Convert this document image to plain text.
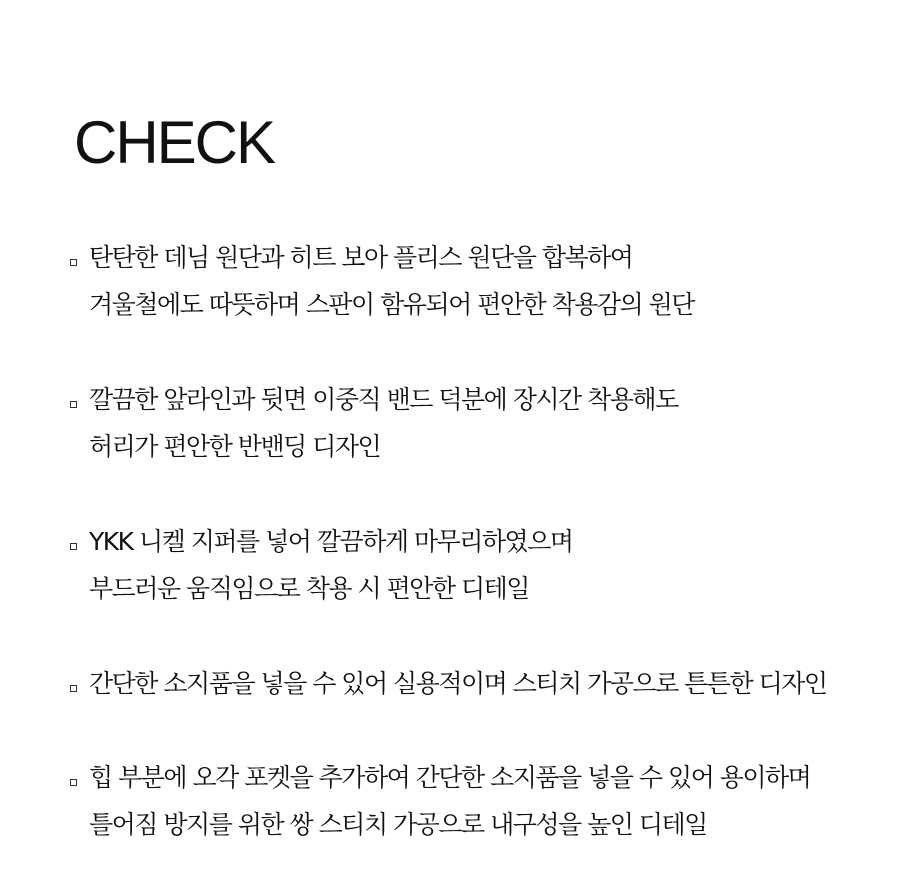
CHECK
탄탄한 데님 원단과 히트 보아 플리스 원단을 합복하여
겨울철에도 따뜻하며 스판이 함유되어 편안한 착용감의 원단
깔끔한 앞라인과 뒷면 이중직 밴드 덕분에 장시간 착용해도
허리가 편안한 반밴딩 디자인
YKK 니켈 지퍼를 넣어 깔끔하게 마무리하였으며
부드러운 움직임으로 착용 시 편안한 디테일
간단한 소지품을 넣을 수 있어 실용적이며 스티치 가공으로 튼튼한 디자인
힙 부분에 오각 포켓을 추가하여 간단한 소지품을 넣을 수 있어 용이하며
틀어짐 방지를 위한 쌍 스티치 가공으로 내구성을 높인 디테일
